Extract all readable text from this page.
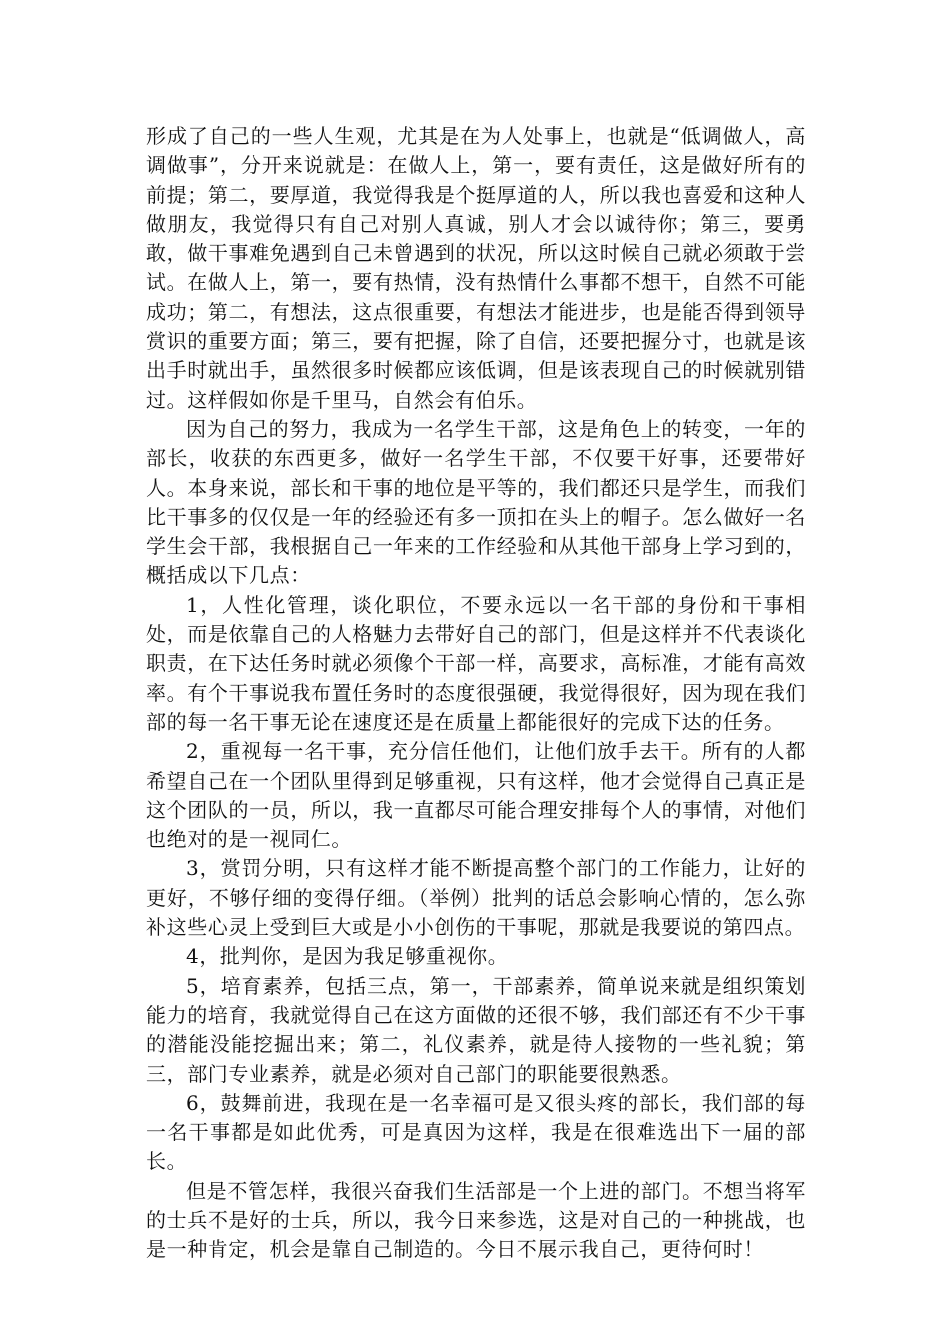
形成了自己的一些人生观，尤其是在为人处事上，也就是“低调做人，高调做事”，分开来说就是：在做人上，第一，要有责任，这是做好所有的前提；第二，要厚道，我觉得我是个挺厚道的人，所以我也喜爱和这种人做朋友，我觉得只有自己对别人真诚，别人才会以诚待你；第三，要勇敢，做干事难免遇到自己未曾遇到的状况，所以这时候自己就必须敢于尝试。在做人上，第一，要有热情，没有热情什么事都不想干，自然不可能成功；第二，有想法，这点很重要，有想法才能进步，也是能否得到领导赏识的重要方面；第三，要有把握，除了自信，还要把握分寸，也就是该出手时就出手，虽然很多时候都应该低调，但是该表现自己的时候就别错过。这样假如你是千里马，自然会有伯乐。

因为自己的努力，我成为一名学生干部，这是角色上的转变，一年的部长，收获的东西更多，做好一名学生干部，不仅要干好事，还要带好人。本身来说，部长和干事的地位是平等的，我们都还只是学生，而我们比干事多的仅仅是一年的经验还有多一顶扣在头上的帽子。怎么做好一名学生会干部，我根据自己一年来的工作经验和从其他干部身上学习到的，概括成以下几点：

1，人性化管理，谈化职位，不要永远以一名干部的身份和干事相处，而是依靠自己的人格魅力去带好自己的部门，但是这样并不代表谈化职责，在下达任务时就必须像个干部一样，高要求，高标准，才能有高效率。有个干事说我布置任务时的态度很强硬，我觉得很好，因为现在我们部的每一名干事无论在速度还是在质量上都能很好的完成下达的任务。

2，重视每一名干事，充分信任他们，让他们放手去干。所有的人都希望自己在一个团队里得到足够重视，只有这样，他才会觉得自己真正是这个团队的一员，所以，我一直都尽可能合理安排每个人的事情，对他们也绝对的是一视同仁。

3，赏罚分明，只有这样才能不断提高整个部门的工作能力，让好的更好，不够仔细的变得仔细。（举例）批判的话总会影响心情的，怎么弥补这些心灵上受到巨大或是小小创伤的干事呢，那就是我要说的第四点。

4，批判你，是因为我足够重视你。

5，培育素养，包括三点，第一，干部素养，简单说来就是组织策划能力的培育，我就觉得自己在这方面做的还很不够，我们部还有不少干事的潜能没能挖掘出来；第二，礼仪素养，就是待人接物的一些礼貌；第三，部门专业素养，就是必须对自己部门的职能要很熟悉。

6，鼓舞前进，我现在是一名幸福可是又很头疼的部长，我们部的每一名干事都是如此优秀，可是真因为这样，我是在很难选出下一届的部长。

但是不管怎样，我很兴奋我们生活部是一个上进的部门。不想当将军的士兵不是好的士兵，所以，我今日来参选，这是对自己的一种挑战，也是一种肯定，机会是靠自己制造的。今日不展示我自己，更待何时！
